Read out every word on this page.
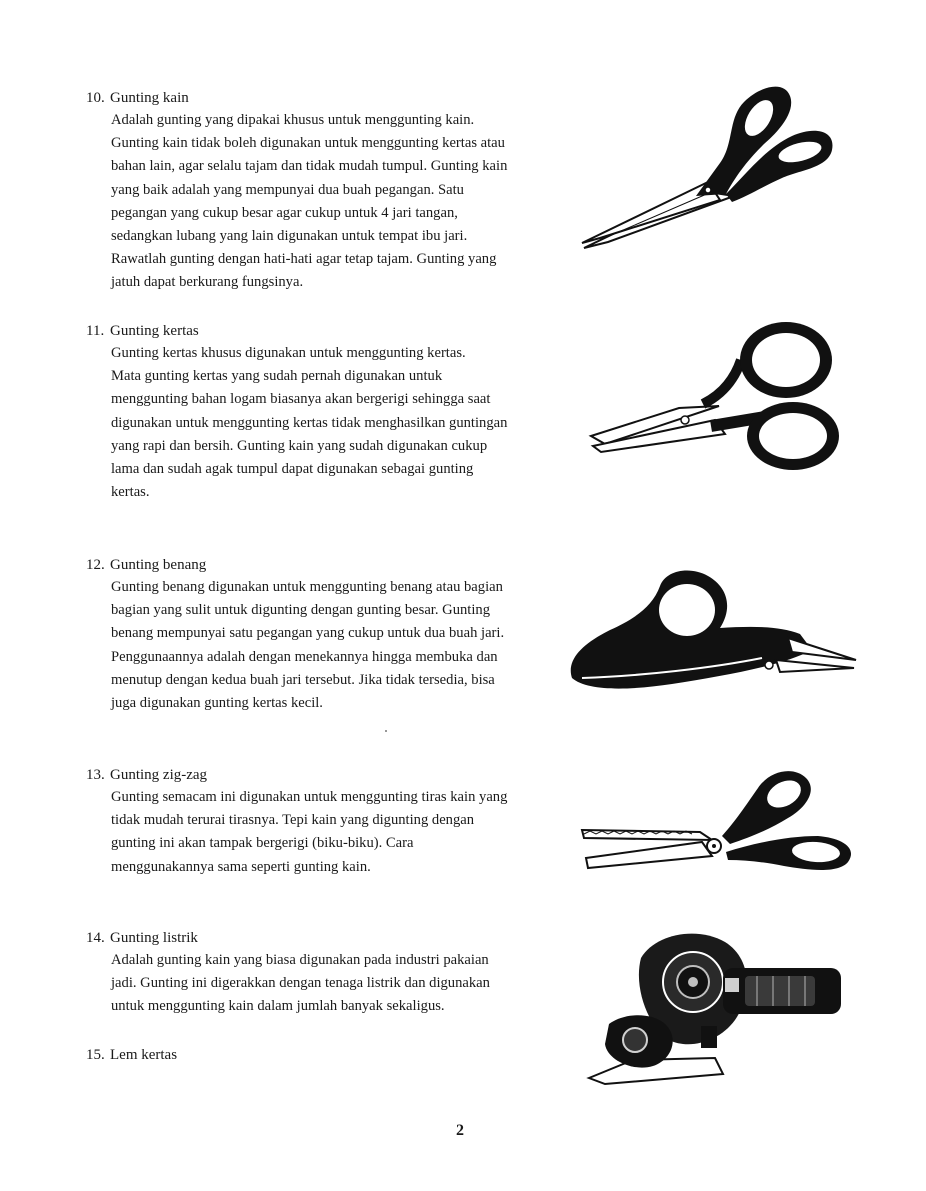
10. Gunting kain
Adalah gunting yang dipakai khusus untuk menggunting kain.
Gunting kain tidak boleh digunakan untuk menggunting kertas atau
bahan lain, agar selalu tajam dan tidak mudah tumpul. Gunting kain
yang baik adalah yang mempunyai dua buah pegangan. Satu
pegangan yang cukup besar agar cukup untuk 4 jari tangan,
sedangkan lubang yang lain digunakan untuk tempat ibu jari.
Rawatlah gunting dengan hati-hati agar tetap tajam. Gunting yang
jatuh dapat berkurang fungsinya.
11. Gunting kertas
Gunting kertas khusus digunakan untuk menggunting kertas.
Mata gunting kertas yang sudah pernah digunakan untuk
menggunting bahan logam biasanya akan bergerigi sehingga saat
digunakan untuk menggunting kertas tidak menghasilkan guntingan
yang rapi dan bersih. Gunting kain yang sudah digunakan cukup
lama dan sudah agak tumpul dapat digunakan sebagai gunting
kertas.
12. Gunting benang
Gunting benang digunakan untuk menggunting benang atau bagian
bagian yang sulit untuk digunting dengan gunting besar. Gunting
benang mempunyai satu pegangan yang cukup untuk dua buah jari.
Penggunaannya adalah dengan menekannya hingga membuka dan
menutup dengan kedua buah jari tersebut. Jika tidak tersedia, bisa
juga digunakan gunting kertas kecil.
13. Gunting zig-zag
Gunting semacam ini digunakan untuk menggunting tiras kain yang
tidak mudah terurai tirasnya. Tepi kain yang digunting dengan
gunting ini akan tampak bergerigi (biku-biku). Cara
menggunakannya sama seperti gunting kain.
14. Gunting listrik
Adalah gunting kain yang biasa digunakan pada industri pakaian
jadi. Gunting ini digerakkan dengan tenaga listrik dan digunakan
untuk menggunting kain dalam jumlah banyak sekaligus.
15. Lem kertas
2
